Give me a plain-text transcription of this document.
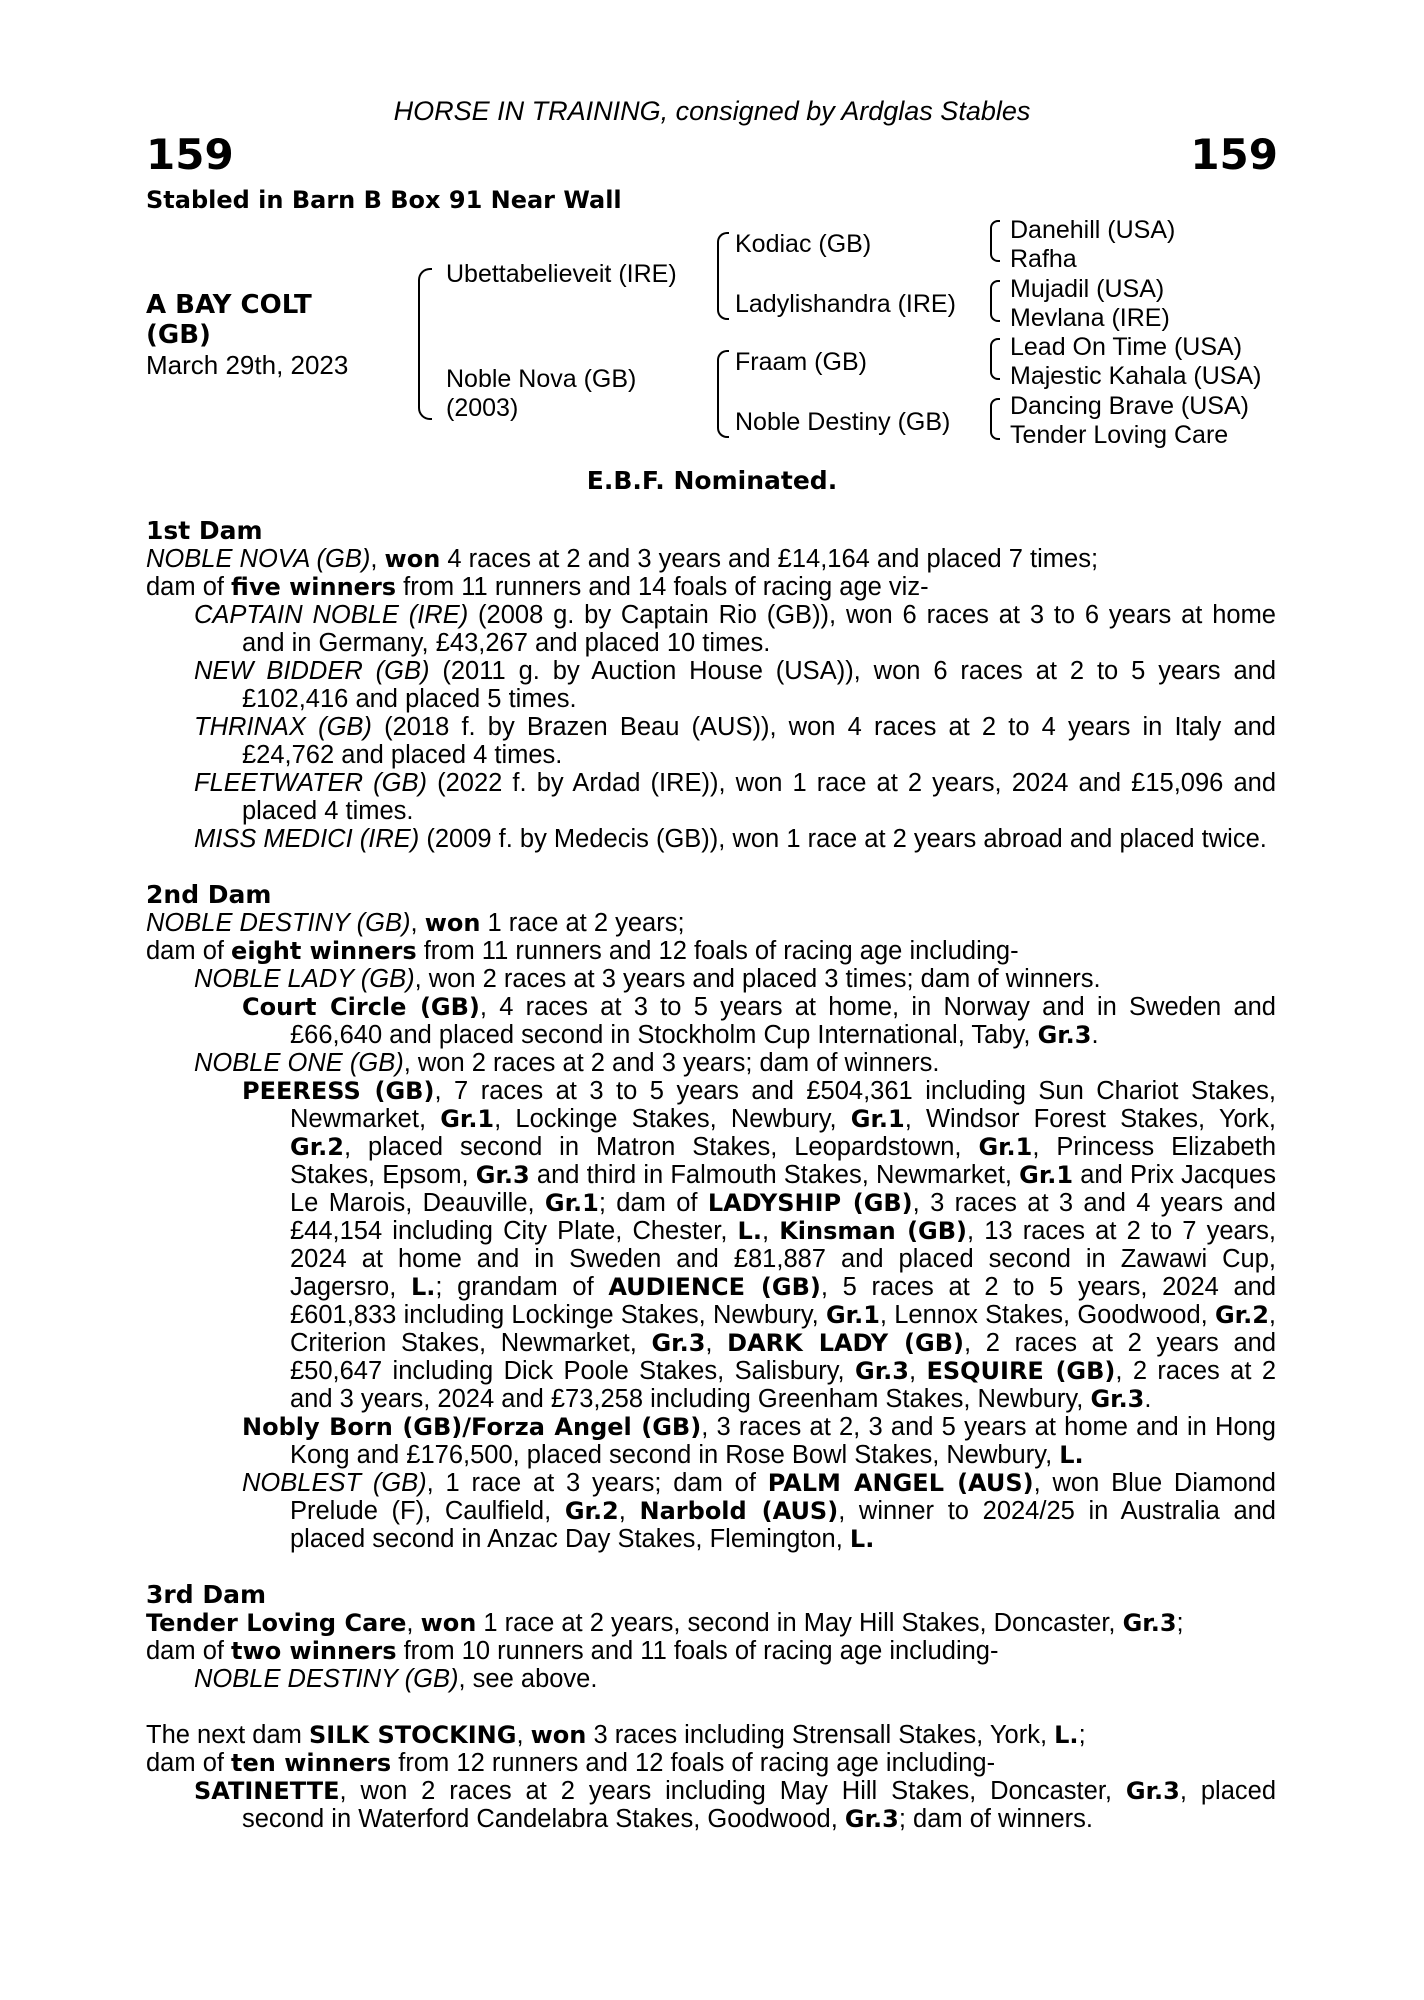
HORSE IN TRAINING, consigned by Ardglas Stables
159	159
Stabled in Barn B Box 91 Near Wall
A BAY COLT
(GB)
March 29th, 2023
Ubettabelieveit (IRE)
Noble Nova (GB)
(2003)
Kodiac (GB)
Ladylishandra (IRE)
Fraam (GB)
Noble Destiny (GB)
Danehill (USA)
Rafha
Mujadil (USA)
Mevlana (IRE)
Lead On Time (USA)
Majestic Kahala (USA)
Dancing Brave (USA)
Tender Loving Care
E.B.F. Nominated.

1st Dam

NOBLE NOVA (GB), won 4 races at 2 and 3 years and £14,164 and placed 7 times;

dam of five winners from 11 runners and 14 foals of racing age viz-

CAPTAIN NOBLE (IRE) (2008 g. by Captain Rio (GB)), won 6 races at 3 to 6 years at home and in Germany, £43,267 and placed 10 times.

NEW BIDDER (GB) (2011 g. by Auction House (USA)), won 6 races at 2 to 5 years and £102,416 and placed 5 times.

THRINAX (GB) (2018 f. by Brazen Beau (AUS)), won 4 races at 2 to 4 years in Italy and £24,762 and placed 4 times.

FLEETWATER (GB) (2022 f. by Ardad (IRE)), won 1 race at 2 years, 2024 and £15,096 and placed 4 times.

MISS MEDICI (IRE) (2009 f. by Medecis (GB)), won 1 race at 2 years abroad and placed twice.

2nd Dam

NOBLE DESTINY (GB), won 1 race at 2 years;

dam of eight winners from 11 runners and 12 foals of racing age including-

NOBLE LADY (GB), won 2 races at 3 years and placed 3 times; dam of winners.

Court Circle (GB), 4 races at 3 to 5 years at home, in Norway and in Sweden and £66,640 and placed second in Stockholm Cup International, Taby, Gr.3.

NOBLE ONE (GB), won 2 races at 2 and 3 years; dam of winners.

PEERESS (GB), 7 races at 3 to 5 years and £504,361 including Sun Chariot Stakes, Newmarket, Gr.1, Lockinge Stakes, Newbury, Gr.1, Windsor Forest Stakes, York, Gr.2, placed second in Matron Stakes, Leopardstown, Gr.1, Princess Elizabeth Stakes, Epsom, Gr.3 and third in Falmouth Stakes, Newmarket, Gr.1 and Prix Jacques Le Marois, Deauville, Gr.1; dam of LADYSHIP (GB), 3 races at 3 and 4 years and £44,154 including City Plate, Chester, L., Kinsman (GB), 13 races at 2 to 7 years, 2024 at home and in Sweden and £81,887 and placed second in Zawawi Cup, Jagersro, L.; grandam of AUDIENCE (GB), 5 races at 2 to 5 years, 2024 and £601,833 including Lockinge Stakes, Newbury, Gr.1, Lennox Stakes, Goodwood, Gr.2, Criterion Stakes, Newmarket, Gr.3, DARK LADY (GB), 2 races at 2 years and £50,647 including Dick Poole Stakes, Salisbury, Gr.3, ESQUIRE (GB), 2 races at 2 and 3 years, 2024 and £73,258 including Greenham Stakes, Newbury, Gr.3.

Nobly Born (GB)/Forza Angel (GB), 3 races at 2, 3 and 5 years at home and in Hong Kong and £176,500, placed second in Rose Bowl Stakes, Newbury, L.

NOBLEST (GB), 1 race at 3 years; dam of PALM ANGEL (AUS), won Blue Diamond Prelude (F), Caulfield, Gr.2, Narbold (AUS), winner to 2024/25 in Australia and placed second in Anzac Day Stakes, Flemington, L.

3rd Dam

Tender Loving Care, won 1 race at 2 years, second in May Hill Stakes, Doncaster, Gr.3;

dam of two winners from 10 runners and 11 foals of racing age including-

NOBLE DESTINY (GB), see above.

The next dam SILK STOCKING, won 3 races including Strensall Stakes, York, L.;

dam of ten winners from 12 runners and 12 foals of racing age including-

SATINETTE, won 2 races at 2 years including May Hill Stakes, Doncaster, Gr.3, placed second in Waterford Candelabra Stakes, Goodwood, Gr.3; dam of winners.
